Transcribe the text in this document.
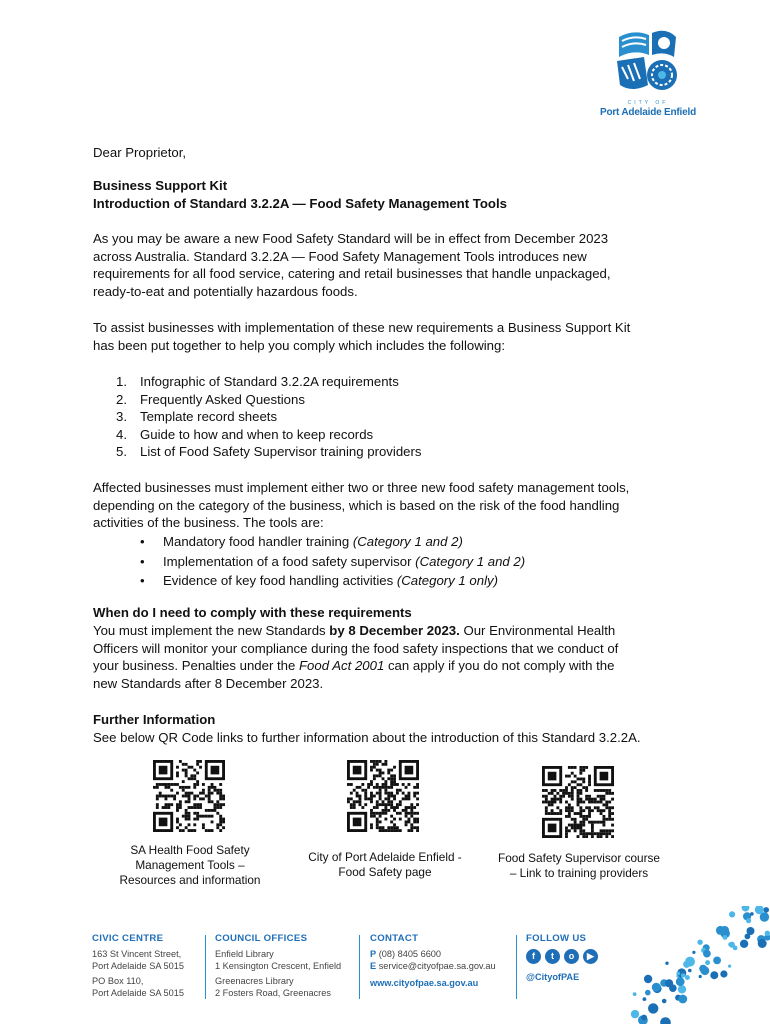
CITY OF
Port Adelaide Enfield

Dear Proprietor,

Business Support Kit

Introduction of Standard 3.2.2A — Food Safety Management Tools

As you may be aware a new Food Safety Standard will be in effect from December 2023

across Australia. Standard 3.2.2A — Food Safety Management Tools introduces new

requirements for all food service, catering and retail businesses that handle unpackaged,

ready-to-eat and potentially hazardous foods.

To assist businesses with implementation of these new requirements a Business Support Kit

has been put together to help you comply which includes the following:

1. Infographic of Standard 3.2.2A requirements
2. Frequently Asked Questions
3. Template record sheets
4. Guide to how and when to keep records
5. List of Food Safety Supervisor training providers

Affected businesses must implement either two or three new food safety management tools,

depending on the category of the business, which is based on the risk of the food handling

activities of the business. The tools are:

• Mandatory food handler training (Category 1 and 2)
• Implementation of a food safety supervisor (Category 1 and 2)
• Evidence of key food handling activities (Category 1 only)

When do I need to comply with these requirements

You must implement the new Standards by 8 December 2023. Our Environmental Health

Officers will monitor your compliance during the food safety inspections that we conduct of

your business. Penalties under the Food Act 2001 can apply if you do not comply with the

new Standards after 8 December 2023.

Further Information

See below QR Code links to further information about the introduction of this Standard 3.2.2A.

SA Health Food Safety
Management Tools –
Resources and information
City of Port Adelaide Enfield -
Food Safety page
Food Safety Supervisor course
– Link to training providers
CIVIC CENTRE
163 St Vincent Street,
Port Adelaide SA 5015
PO Box 110,
Port Adelaide SA 5015
COUNCIL OFFICES
Enfield Library
1 Kensington Crescent, Enfield
Greenacres Library
2 Fosters Road, Greenacres
CONTACT
P (08) 8405 6600
E service@cityofpae.sa.gov.au
www.cityofpae.sa.gov.au
FOLLOW US
f	t	o	▶
@CityofPAE
